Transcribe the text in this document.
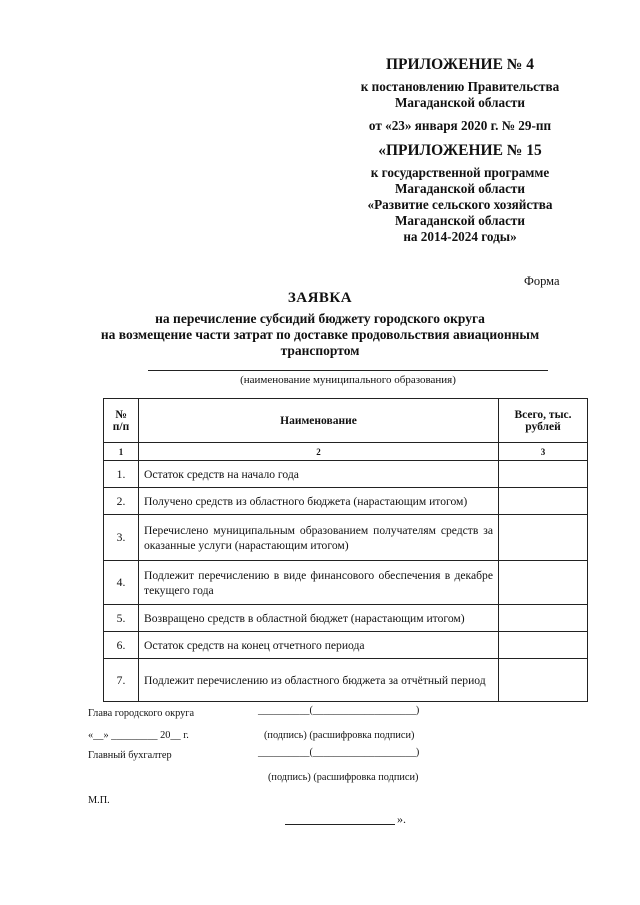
ПРИЛОЖЕНИЕ № 4
к постановлению Правительства
Магаданской области
от «23» января 2020 г. № 29-пп
«ПРИЛОЖЕНИЕ № 15
к государственной программе
Магаданской области
«Развитие сельского хозяйства
Магаданской области
на 2014-2024 годы»
Форма
ЗАЯВКА
на перечисление субсидий бюджету городского округа
на возмещение части затрат по доставке продовольствия авиационным
транспортом
(наименование муниципального образования)
№ п/п	Наименование	Всего, тыс. рублей
1	2	3
1.	Остаток средств на начало года	
2.	Получено средств из областного бюджета (нарастающим итогом)	
3.	Перечислено муниципальным образованием получателям средств за оказанные услуги (нарастающим итогом)	
4.	Подлежит перечислению в виде финансового обеспечения в декабре текущего года	
5.	Возвращено средств в областной бюджет (нарастающим итогом)	
6.	Остаток средств на конец отчетного периода	
7.	Подлежит перечислению из областного бюджета за отчётный период	
Глава городского округа	__________(____________________)
«__» _________ 20__ г.	(подпись) (расшифровка подписи)
Главный бухгалтер	__________(____________________)
(подпись) (расшифровка подписи)
М.П.
».
